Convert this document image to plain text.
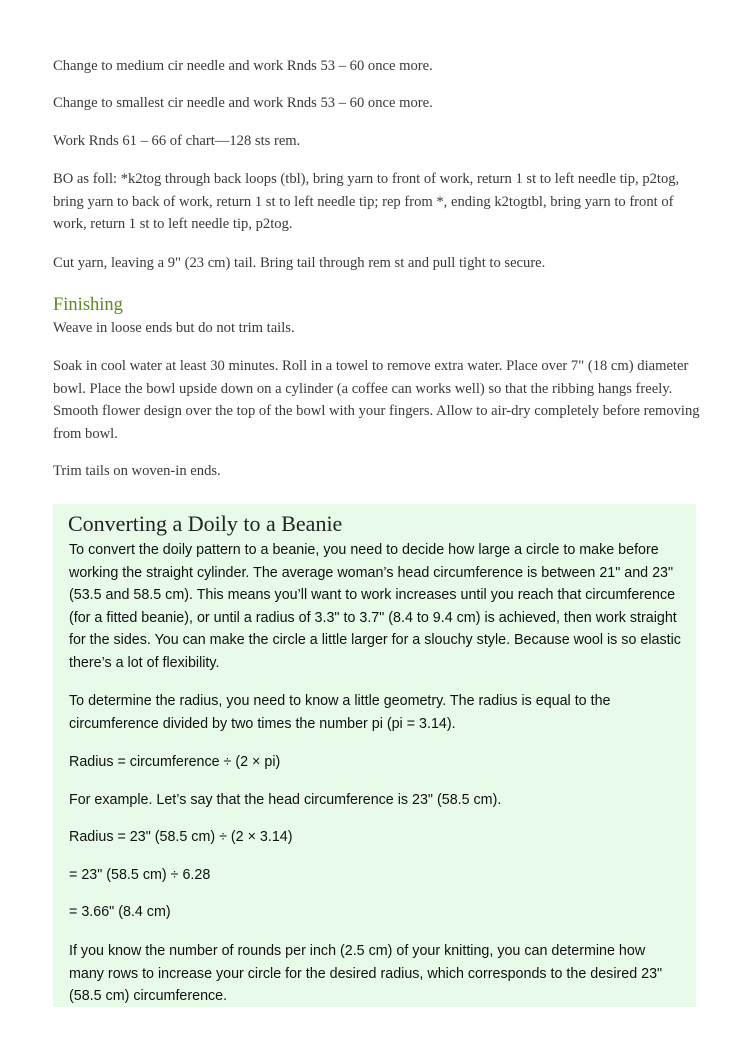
Change to medium cir needle and work Rnds 53 – 60 once more.

Change to smallest cir needle and work Rnds 53 – 60 once more.

Work Rnds 61 – 66 of chart—128 sts rem.

BO as foll: *k2tog through back loops (tbl), bring yarn to front of work, return 1 st to left needle tip, p2tog, bring yarn to back of work, return 1 st to left needle tip; rep from *, ending k2togtbl, bring yarn to front of work, return 1 st to left needle tip, p2tog.

Cut yarn, leaving a 9" (23 cm) tail. Bring tail through rem st and pull tight to secure.

Finishing

Weave in loose ends but do not trim tails.

Soak in cool water at least 30 minutes. Roll in a towel to remove extra water. Place over 7" (18 cm) diameter bowl. Place the bowl upside down on a cylinder (a coffee can works well) so that the ribbing hangs freely. Smooth flower design over the top of the bowl with your fingers. Allow to air-dry completely before removing from bowl.

Trim tails on woven-in ends.

Converting a Doily to a Beanie

To convert the doily pattern to a beanie, you need to decide how large a circle to make before working the straight cylinder. The average woman’s head circumference is between 21" and 23" (53.5 and 58.5 cm). This means you’ll want to work increases until you reach that circumference (for a fitted beanie), or until a radius of 3.3" to 3.7" (8.4 to 9.4 cm) is achieved, then work straight for the sides. You can make the circle a little larger for a slouchy style. Because wool is so elastic there’s a lot of flexibility.

To determine the radius, you need to know a little geometry. The radius is equal to the circumference divided by two times the number pi (pi = 3.14).

Radius = circumference ÷ (2 × pi)

For example. Let’s say that the head circumference is 23" (58.5 cm).

Radius = 23" (58.5 cm) ÷ (2 × 3.14)

= 23" (58.5 cm) ÷ 6.28

= 3.66" (8.4 cm)

If you know the number of rounds per inch (2.5 cm) of your knitting, you can determine how many rows to increase your circle for the desired radius, which corresponds to the desired 23" (58.5 cm) circumference.
